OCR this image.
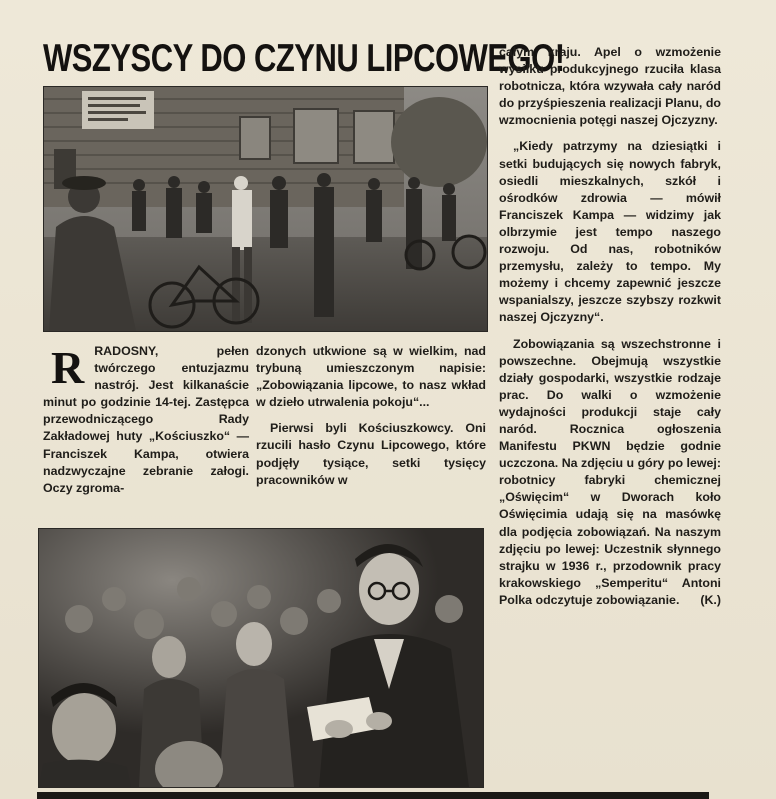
WSZYSCY DO CZYNU LIPCOWEGO!

R RADOSNY, pełen twórczego entuzjazmu nastrój. Jest kilkanaście minut po godzinie 14-tej. Zastępca przewodniczącego Rady Zakładowej huty „Kościuszko“ — Franciszek Kampa, otwiera nadzwyczajne zebranie załogi. Oczy zgroma-

dzonych utkwione są w wielkim, nad trybuną umieszczonym napisie: „Zobowiązania lipcowe, to nasz wkład w dzieło utrwalenia pokoju“...

Pierwsi byli Kościuszkowcy. Oni rzucili hasło Czynu Lipcowego, które podjęły tysiące, setki tysięcy pracowników w

całym kraju. Apel o wzmożenie wysiłku produkcyjnego rzuciła klasa robotnicza, która wzywała cały naród do przyśpieszenia realizacji Planu, do wzmocnienia potęgi naszej Ojczyzny.

„Kiedy patrzymy na dziesiątki i setki budujących się nowych fabryk, osiedli mieszkalnych, szkół i ośrodków zdrowia — mówił Franciszek Kampa — widzimy jak olbrzymie jest tempo naszego rozwoju. Od nas, robotników przemysłu, zależy to tempo. My możemy i chcemy zapewnić jeszcze wspanialszy, jeszcze szybszy rozkwit naszej Ojczyzny“.

Zobowiązania są wszechstronne i powszechne. Obejmują wszystkie działy gospodarki, wszystkie rodzaje prac. Do walki o wzmożenie wydajności produkcji staje cały naród. Rocznica ogłoszenia Manifestu PKWN będzie godnie uczczona. Na zdjęciu u góry po lewej: robotnicy fabryki chemicznej „Oświęcim“ w Dworach koło Oświęcimia udają się na masówkę dla podjęcia zobowiązań. Na naszym zdjęciu po lewej: Uczestnik słynnego strajku w 1936 r., przodownik pracy krakowskiego „Semperitu“ Antoni Polka odczytuje zobowiązanie.	(K.)
